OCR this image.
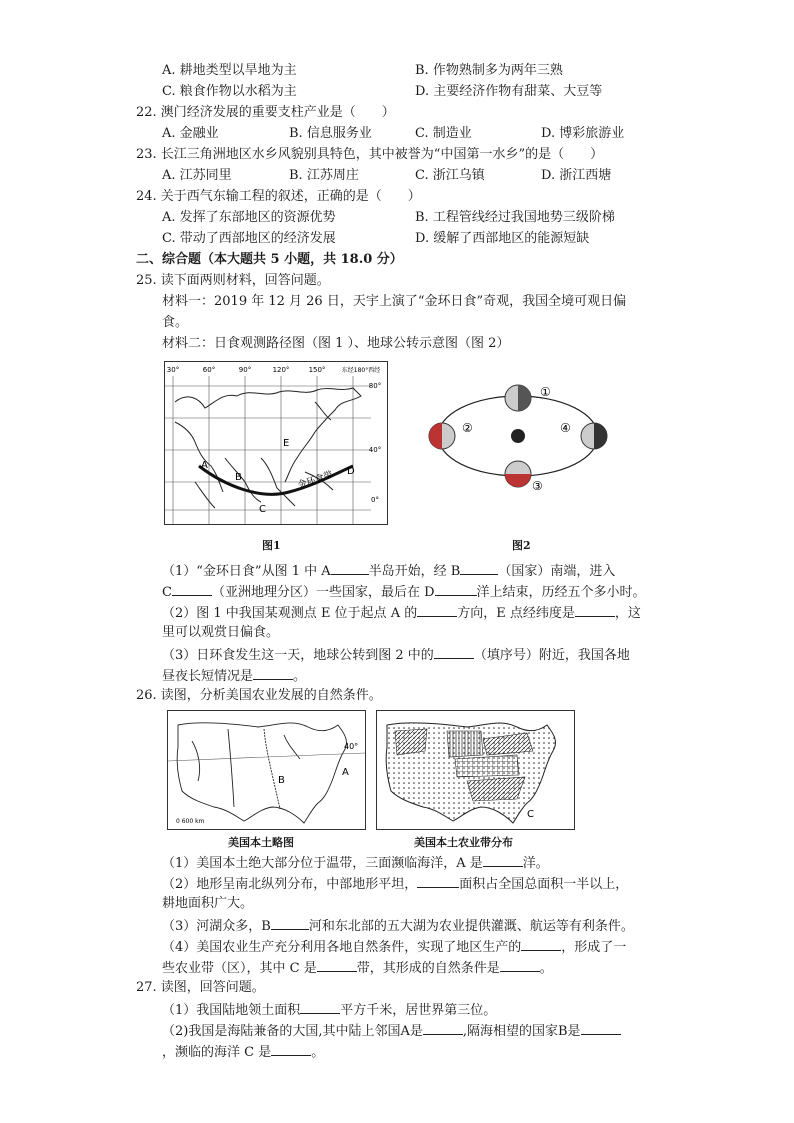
A. 耕地类型以旱地为主	B. 作物熟制多为两年三熟
C. 粮食作物以水稻为主	D. 主要经济作物有甜菜、大豆等
22. 澳门经济发展的重要支柱产业是（　　）
A. 金融业	B. 信息服务业	C. 制造业	D. 博彩旅游业
23. 长江三角洲地区水乡风貌别具特色，其中被誉为“中国第一水乡”的是（　　）
A. 江苏同里	B. 江苏周庄	C. 浙江乌镇	D. 浙江西塘
24. 关于西气东输工程的叙述，正确的是（　　）
A. 发挥了东部地区的资源优势	B. 工程管线经过我国地势三级阶梯
C. 带动了西部地区的经济发展	D. 缓解了西部地区的能源短缺
二、综合题（本大题共 5 小题，共 18.0 分）
25. 读下面两则材料，回答问题。
材料一：2019 年 12 月 26 日，天宇上演了“金环日食”奇观，我国全境可观日偏
食。
材料二：日食观测路径图（图 1 ）、地球公转示意图（图 2）
30°	60°	90°	120°	150°	东经180°西经
80°
40°
0°
A
B
C
D
E
金环食带
图1
①
②
③
④
图2
（1）“金环日食”从图 1 中 A	半岛开始，经 B	（国家）南端，进入
C	（亚洲地理分区）一些国家，最后在 D	洋上结束，历经五个多小时。
（2）图 1 中我国某观测点 E 位于起点 A 的	方向，E 点经纬度是	，这
里可以观赏日偏食。
（3）日环食发生这一天，地球公转到图 2 中的	（填序号）附近，我国各地
昼夜长短情况是	。
26. 读图，分析美国农业发展的自然条件。
40°
A
B
0 600 km
美国本土略图
C
美国本土农业带分布
（1）美国本土绝大部分位于温带，三面濒临海洋，A 是	洋。
（2）地形呈南北纵列分布，中部地形平坦，	面积占全国总面积一半以上，
耕地面积广大。
（3）河湖众多，B	河和东北部的五大湖为农业提供灌溉、航运等有利条件。
（4）美国农业生产充分利用各地自然条件，实现了地区生产的	，形成了一
些农业带（区），其中 C 是	带，其形成的自然条件是	。
27. 读图，回答问题。
（1）我国陆地领土面积	平方千米，居世界第三位。
（2)我国是海陆兼备的大国,其中陆上邻国A是	,隔海相望的国家B是
，濒临的海洋 C 是	。
